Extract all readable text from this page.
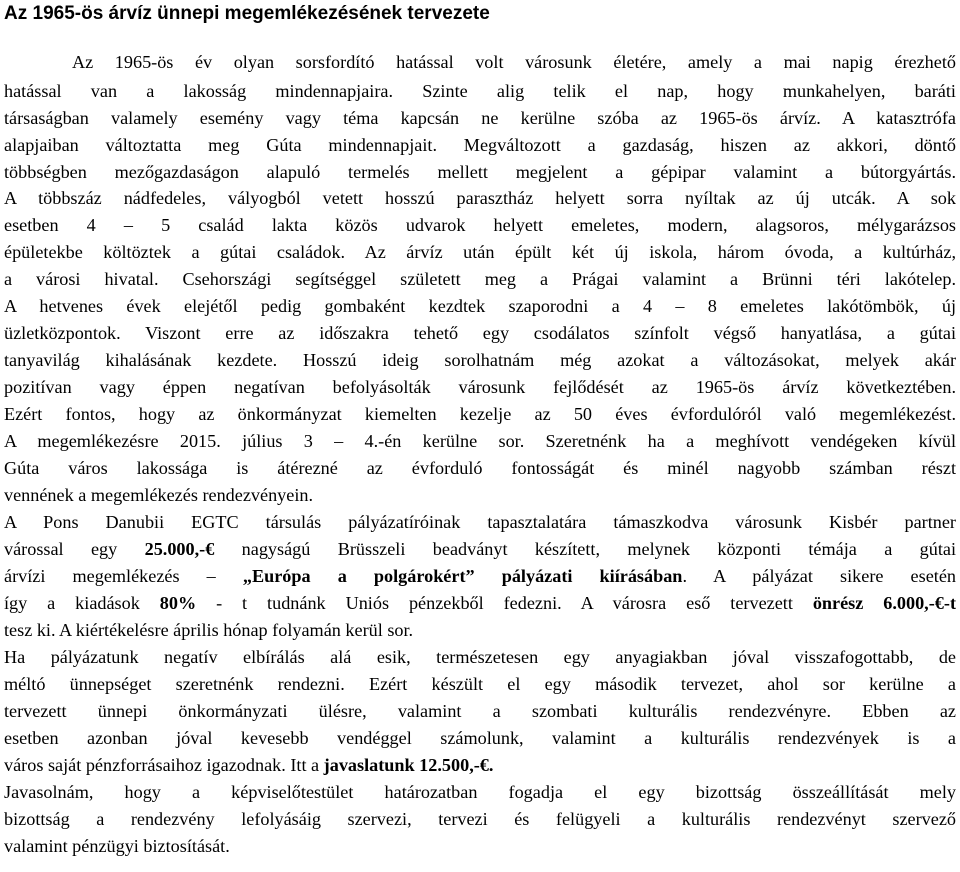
Az 1965-ös árvíz ünnepi megemlékezésének tervezete
Az 1965-ös év olyan sorsfordító hatással volt városunk életére, amely a mai napig érezhető
hatással van a lakosság mindennapjaira. Szinte alig telik el nap, hogy munkahelyen, baráti
társaságban valamely esemény vagy téma kapcsán ne kerülne szóba az 1965-ös árvíz. A katasztrófa
alapjaiban változtatta meg Gúta mindennapjait. Megváltozott a gazdaság, hiszen az akkori, döntő
többségben mezőgazdaságon alapuló termelés mellett megjelent a gépipar valamint a bútorgyártás.
A többszáz nádfedeles, vályogból vetett hosszú parasztház helyett sorra nyíltak az új utcák. A sok
esetben 4 – 5 család lakta közös udvarok helyett emeletes, modern, alagsoros, mélygarázsos
épületekbe költöztek a gútai családok. Az árvíz után épült két új iskola, három óvoda, a kultúrház,
a városi hivatal. Csehországi segítséggel született meg a Prágai valamint a Brünni téri lakótelep.
A hetvenes évek elejétől pedig gombaként kezdtek szaporodni a 4 – 8 emeletes lakótömbök, új
üzletközpontok. Viszont erre az időszakra tehető egy csodálatos színfolt végső hanyatlása, a gútai
tanyavilág kihalásának kezdete. Hosszú ideig sorolhatnám még azokat a változásokat, melyek akár
pozitívan vagy éppen negatívan befolyásolták városunk fejlődését az 1965-ös árvíz következtében.
Ezért fontos, hogy az önkormányzat kiemelten kezelje az 50 éves évfordulóról való megemlékezést.
A megemlékezésre 2015. július 3 – 4.-én kerülne sor. Szeretnénk ha a meghívott vendégeken kívül
Gúta város lakossága is átérezné az évforduló fontosságát és minél nagyobb számban részt
vennének a megemlékezés rendezvényein.
A Pons Danubii EGTC társulás pályázatíróinak tapasztalatára támaszkodva városunk Kisbér partner
várossal egy 25.000,-€ nagyságú Brüsszeli beadványt készített, melynek központi témája a gútai
árvízi megemlékezés – „Európa a polgárokért” pályázati kiírásában. A pályázat sikere esetén
így a kiadások 80% - t tudnánk Uniós pénzekből fedezni. A városra eső tervezett önrész 6.000,-€-t
tesz ki. A kiértékelésre április hónap folyamán kerül sor.
Ha pályázatunk negatív elbírálás alá esik, természetesen egy anyagiakban jóval visszafogottabb, de
méltó ünnepséget szeretnénk rendezni. Ezért készült el egy második tervezet, ahol sor kerülne a
tervezett ünnepi önkormányzati ülésre, valamint a szombati kulturális rendezvényre. Ebben az
esetben azonban jóval kevesebb vendéggel számolunk, valamint a kulturális rendezvények is a
város saját pénzforrásaihoz igazodnak. Itt a javaslatunk 12.500,-€.
Javasolnám, hogy a képviselőtestület határozatban fogadja el egy bizottság összeállítását mely
bizottság a rendezvény lefolyásáig szervezi, tervezi és felügyeli a kulturális rendezvényt szervező
valamint pénzügyi biztosítását.
